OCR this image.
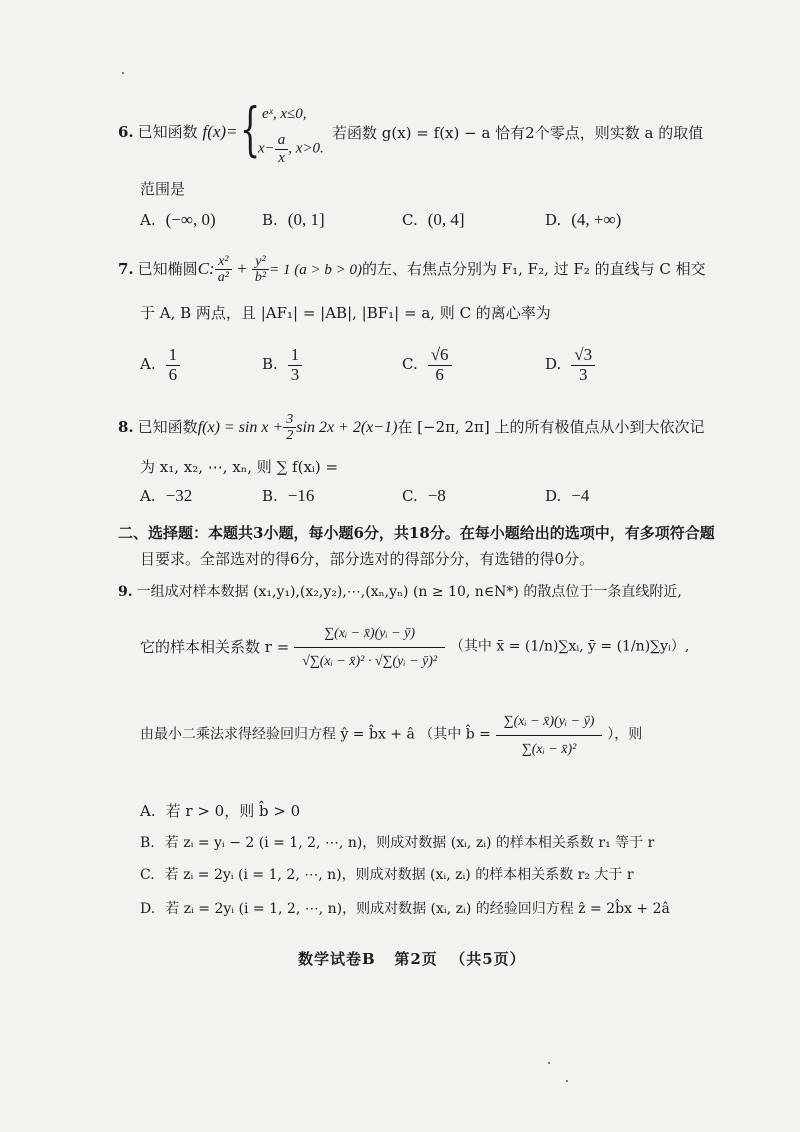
6. 已知函数 f(x)= { eˣ, x≤0,
$x- \frac{a}{x}$ , x>0.
若函数 g(x) = f(x) − a 恰有2个零点，则实数 a 的取值
范围是
A. (−∞, 0)	B. (0, 1]	C. (0, 4]	D. (4, +∞)
7. 已知椭圆C: $\frac{\text{x²}}{\text{a²}} + \frac{\text{y²}}{\text{b²}} = 1$ (a > b > 0)的左、右焦点分别为 F₁, F₂, 过 F₂ 的直线与 C 相交
于 A, B 两点，且 |AF₁| = |AB|, |BF₁| = a, 则 C 的离心率为
A. $\frac{1}{6}$	B. $\frac{1}{3}$	C. $\frac{√6}{6}$	D. $\frac{√3}{3}$
8. 已知函数$f(x) = \sin x + \frac{3}{2}$ sin 2x + 2(x−1)在 [−2π, 2π] 上的所有极值点从小到大依次记
为 x₁, x₂, ⋯, xₙ, 则 ∑ f(xᵢ) =
A. −32	B. −16	C. −8	D. −4
二、选择题：本题共3小题，每小题6分，共18分。在每小题给出的选项中，有多项符合题
目要求。全部选对的得6分，部分选对的得部分分，有选错的得0分。
9. 一组成对样本数据 (x₁,y₁),(x₂,y₂),⋯,(xₙ,yₙ) (n ≥ 10, n∈N*) 的散点位于一条直线附近,
它的样本相关系数 $r = \frac{\text{∑(xᵢ − x̄)(yᵢ − ȳ)}}{\text{√∑(xᵢ − x̄)² · √∑(yᵢ − ȳ)²}}$ （其中 x̄ = (1/n)∑xᵢ, ȳ = (1/n)∑yᵢ）,
由最小二乘法求得经验回归方程 ŷ = b̂x + â （其中 b̂ = $\frac{\text{∑(xᵢ − x̄)(yᵢ − ȳ)}}{\text{∑(xᵢ − x̄)²}}$ ），则
A. 若 r > 0，则 b̂ > 0
B. 若 zᵢ = yᵢ − 2 (i = 1, 2, ⋯, n)，则成对数据 (xᵢ, zᵢ) 的样本相关系数 r₁ 等于 r
C. 若 zᵢ = 2yᵢ (i = 1, 2, ⋯, n)，则成对数据 (xᵢ, zᵢ) 的样本相关系数 r₂ 大于 r
D. 若 zᵢ = 2yᵢ (i = 1, 2, ⋯, n)，则成对数据 (xᵢ, zᵢ) 的经验回归方程 ẑ = 2b̂x + 2â
数学试卷B   第2页  （共5页）
